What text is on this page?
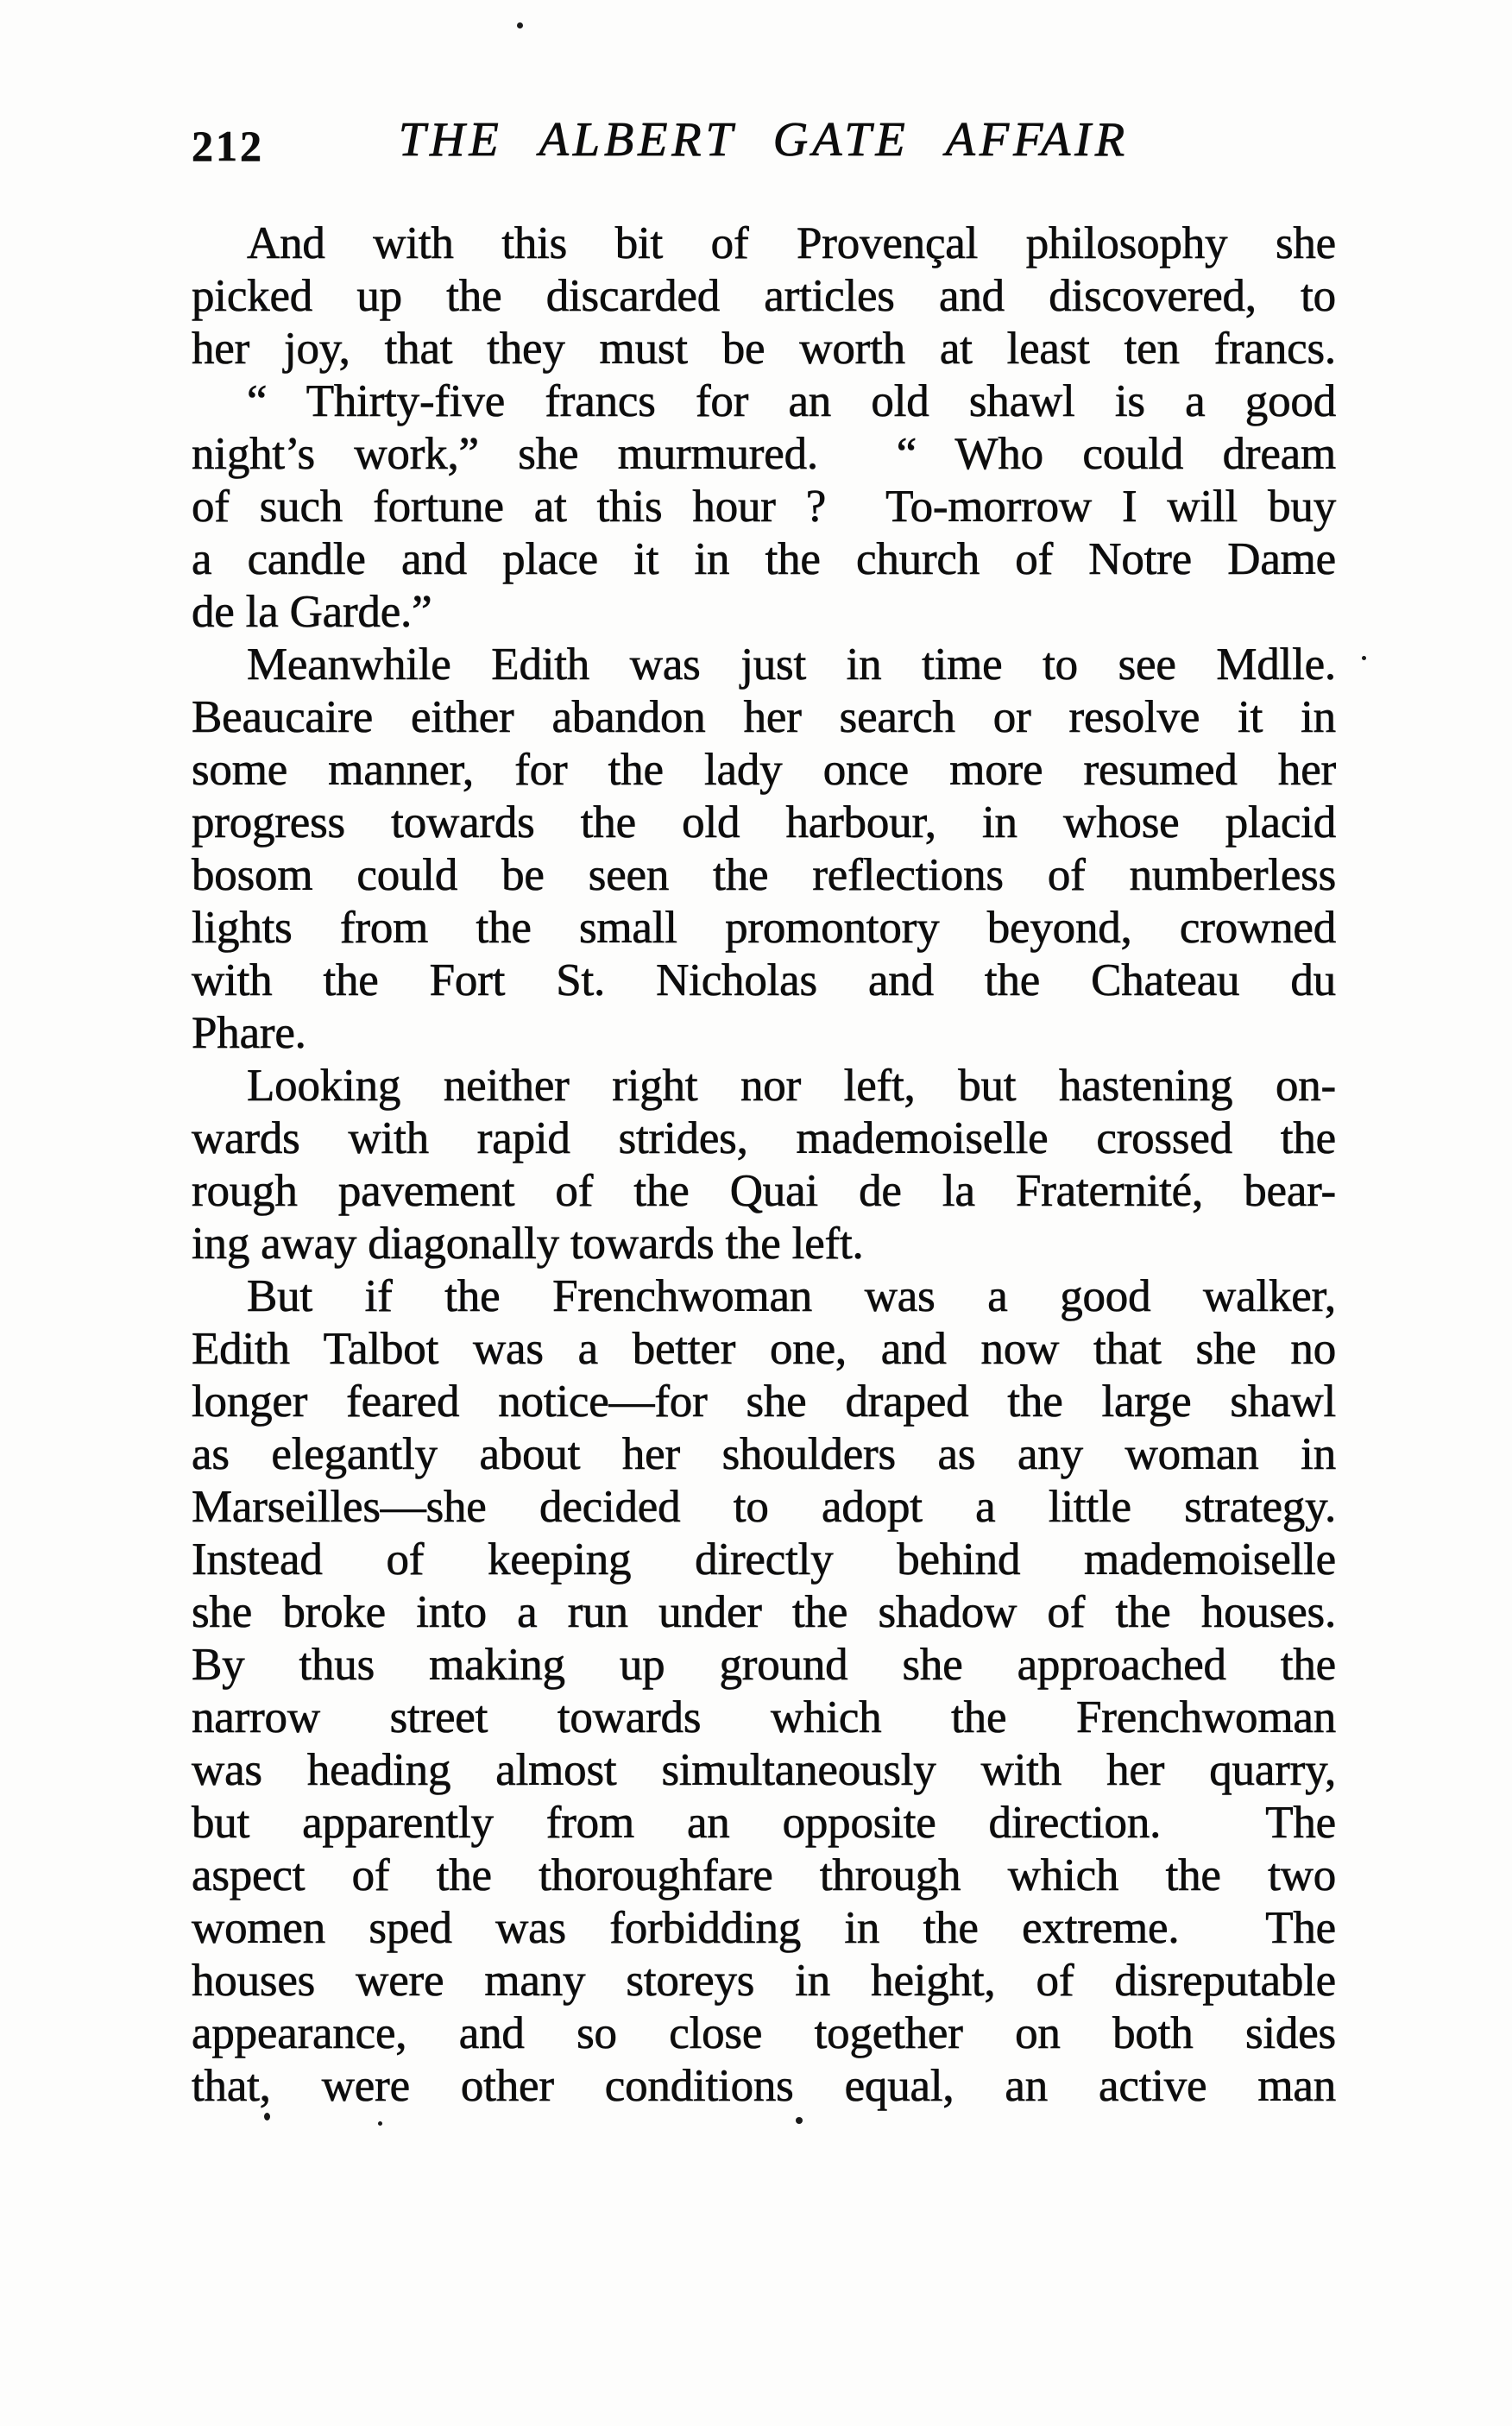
212	THE ALBERT GATE AFFAIR
And with this bit of Provençal philosophy she
picked up the discarded articles and discovered, to
her joy, that they must be worth at least ten francs.
“ Thirty-five francs for an old shawl is a good
night’s work,” she murmured.  “ Who could dream
of such fortune at this hour ?  To-morrow I will buy
a candle and place it in the church of Notre Dame
de la Garde.”
Meanwhile Edith was just in time to see Mdlle.
Beaucaire either abandon her search or resolve it in
some manner, for the lady once more resumed her
progress towards the old harbour, in whose placid
bosom could be seen the reflections of numberless
lights from the small promontory beyond, crowned
with the Fort St. Nicholas and the Chateau du
Phare.
Looking neither right nor left, but hastening on-
wards with rapid strides, mademoiselle crossed the
rough pavement of the Quai de la Fraternité, bear-
ing away diagonally towards the left.
But if the Frenchwoman was a good walker,
Edith Talbot was a better one, and now that she no
longer feared notice—for she draped the large shawl
as elegantly about her shoulders as any woman in
Marseilles—she decided to adopt a little strategy.
Instead of keeping directly behind mademoiselle
she broke into a run under the shadow of the houses.
By thus making up ground she approached the
narrow street towards which the Frenchwoman
was heading almost simultaneously with her quarry,
but apparently from an opposite direction.  The
aspect of the thoroughfare through which the two
women sped was forbidding in the extreme.  The
houses were many storeys in height, of disreputable
appearance, and so close together on both sides
that, were other conditions equal, an active man
